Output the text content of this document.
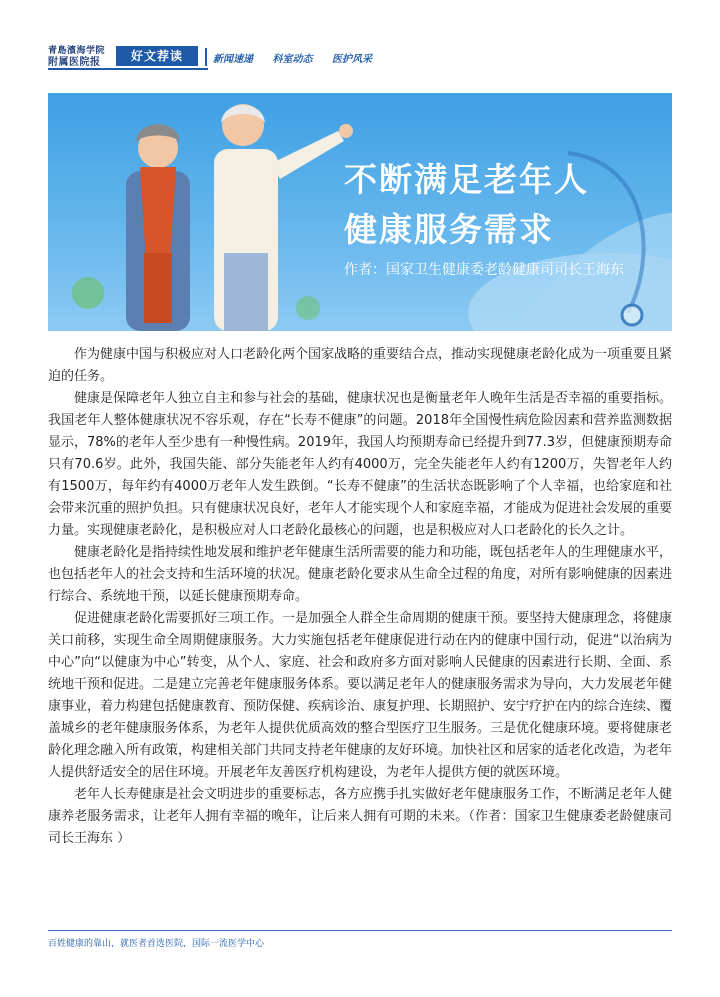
青島濱海学院
附属医院报	好文荐读	新闻速递 科室动态 医护风采
不断满足老年人
健康服务需求
作者：国家卫生健康委老龄健康司司长王海东

作为健康中国与积极应对人口老龄化两个国家战略的重要结合点，推动实现健康老龄化成为一项重要且紧迫的任务。

健康是保障老年人独立自主和参与社会的基础，健康状况也是衡量老年人晚年生活是否幸福的重要指标。我国老年人整体健康状况不容乐观，存在“长寿不健康”的问题。2018年全国慢性病危险因素和营养监测数据显示，78%的老年人至少患有一种慢性病。2019年，我国人均预期寿命已经提升到77.3岁，但健康预期寿命只有70.6岁。此外，我国失能、部分失能老年人约有4000万，完全失能老年人约有1200万，失智老年人约有1500万，每年约有4000万老年人发生跌倒。“长寿不健康”的生活状态既影响了个人幸福，也给家庭和社会带来沉重的照护负担。只有健康状况良好，老年人才能实现个人和家庭幸福，才能成为促进社会发展的重要力量。实现健康老龄化，是积极应对人口老龄化最核心的问题，也是积极应对人口老龄化的长久之计。

健康老龄化是指持续性地发展和维护老年健康生活所需要的能力和功能，既包括老年人的生理健康水平，也包括老年人的社会支持和生活环境的状况。健康老龄化要求从生命全过程的角度，对所有影响健康的因素进行综合、系统地干预，以延长健康预期寿命。

促进健康老龄化需要抓好三项工作。一是加强全人群全生命周期的健康干预。要坚持大健康理念，将健康关口前移，实现生命全周期健康服务。大力实施包括老年健康促进行动在内的健康中国行动，促进“以治病为中心”向“以健康为中心”转变，从个人、家庭、社会和政府多方面对影响人民健康的因素进行长期、全面、系统地干预和促进。二是建立完善老年健康服务体系。要以满足老年人的健康服务需求为导向，大力发展老年健康事业，着力构建包括健康教育、预防保健、疾病诊治、康复护理、长期照护、安宁疗护在内的综合连续、覆盖城乡的老年健康服务体系，为老年人提供优质高效的整合型医疗卫生服务。三是优化健康环境。要将健康老龄化理念融入所有政策，构建相关部门共同支持老年健康的友好环境。加快社区和居家的适老化改造，为老年人提供舒适安全的居住环境。开展老年友善医疗机构建设，为老年人提供方便的就医环境。

老年人长寿健康是社会文明进步的重要标志，各方应携手扎实做好老年健康服务工作，不断满足老年人健康养老服务需求，让老年人拥有幸福的晚年，让后来人拥有可期的未来。（作者：国家卫生健康委老龄健康司司长王海东 ）

百姓健康的靠山，就医者首选医院，国际一流医学中心
